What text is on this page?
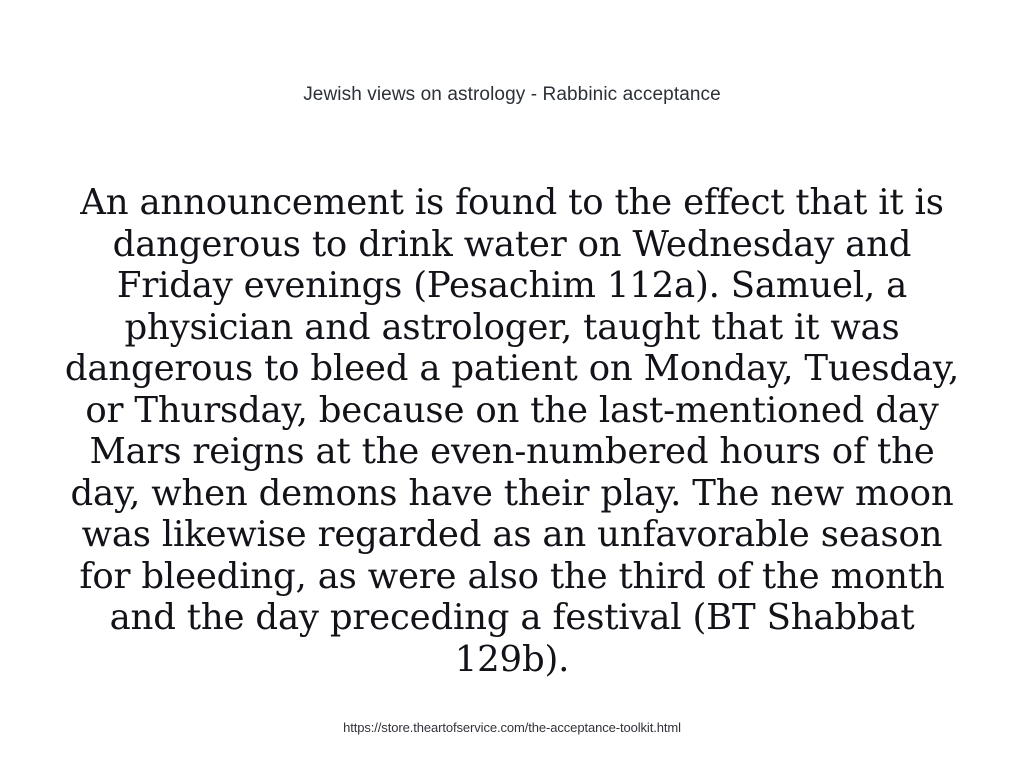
Jewish views on astrology - Rabbinic acceptance
An announcement is found to the effect that it is dangerous to drink water on Wednesday and Friday evenings (Pesachim 112a). Samuel, a physician and astrologer, taught that it was dangerous to bleed a patient on Monday, Tuesday, or Thursday, because on the last-mentioned day Mars reigns at the even-numbered hours of the day, when demons have their play. The new moon was likewise regarded as an unfavorable season for bleeding, as were also the third of the month and the day preceding a festival (BT Shabbat 129b).
https://store.theartofservice.com/the-acceptance-toolkit.html
